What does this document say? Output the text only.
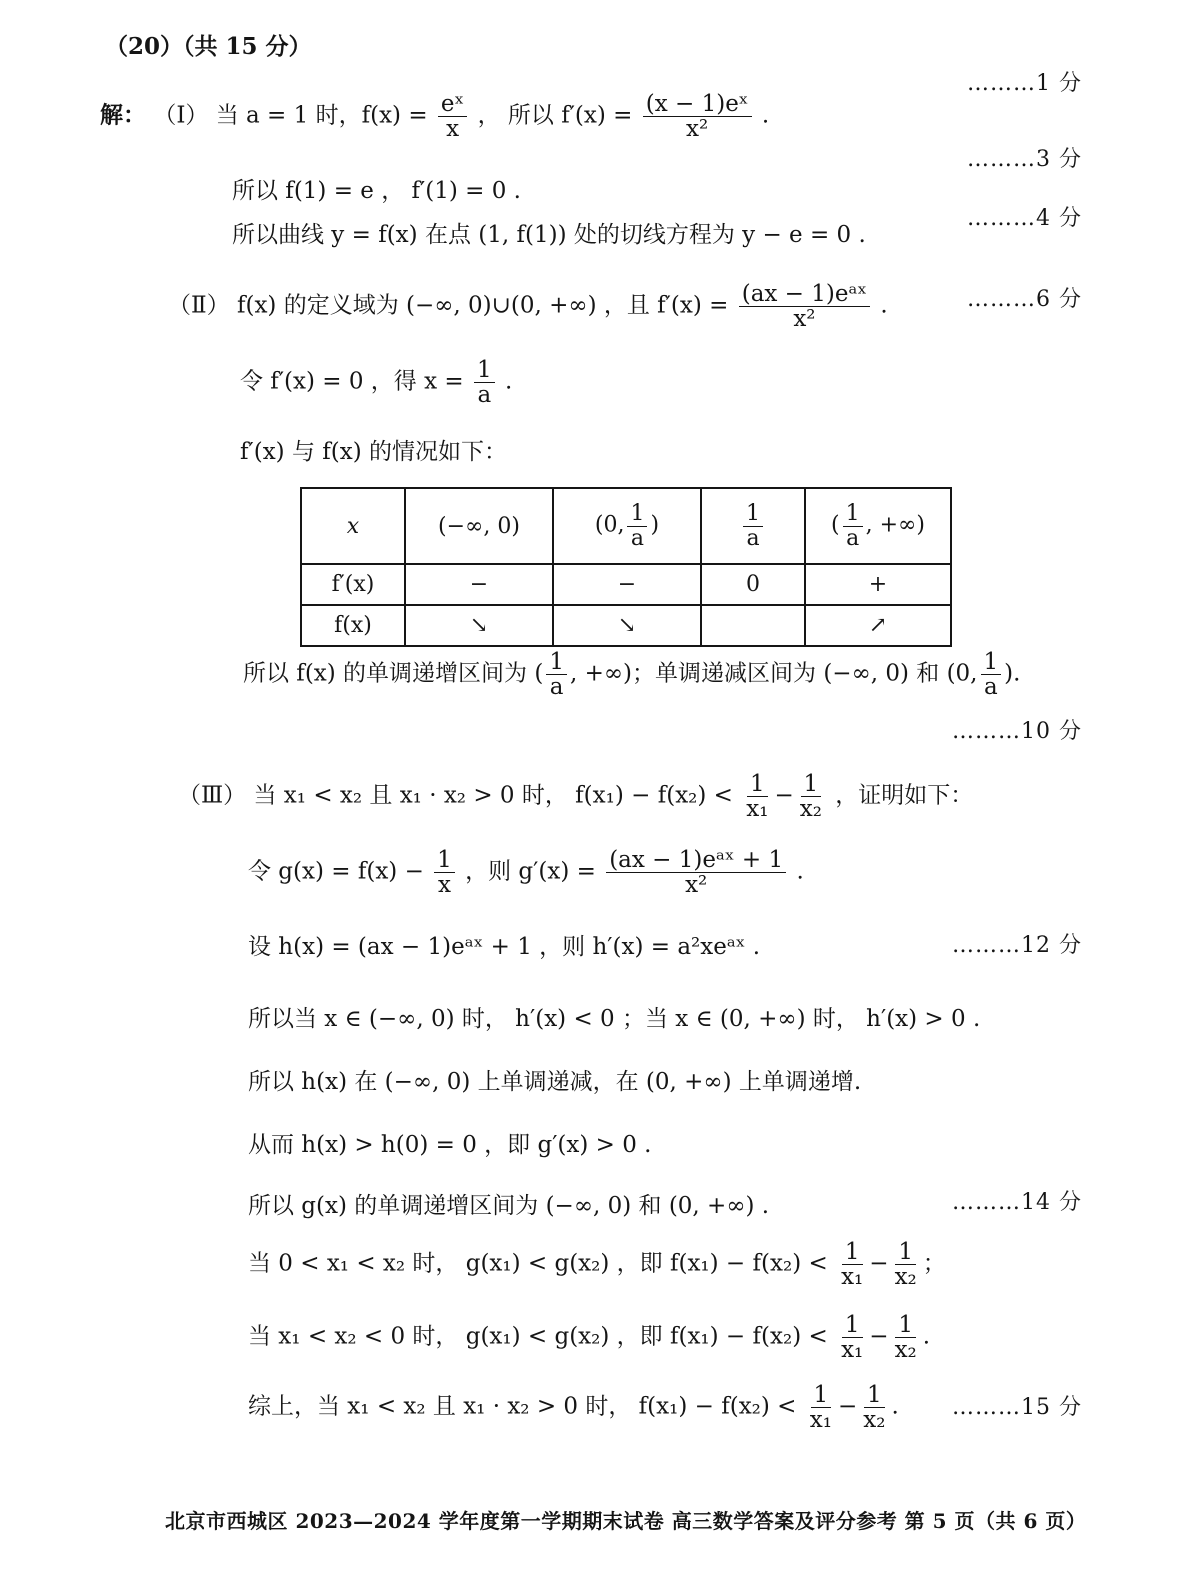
（20）（共 15 分）
解： （Ⅰ） 当 a = 1 时，$f(x) = \frac{\text{eˣ}}{x}$ ， 所以 $f'(x) = \frac{\text{(x − 1)eˣ}}{\text{x²}}$ .
………1 分
………3 分
所以 f(1) = e ， f′(1) = 0 .
………4 分
所以曲线 y = f(x) 在点 (1, f(1)) 处的切线方程为 y − e = 0 .
（Ⅱ） f(x) 的定义域为 (−∞, 0)∪(0, +∞) ，且 $f'(x) = \frac{\text{(ax − 1)eᵃˣ}}{\text{x²}}$ .	………6 分
令 f′(x) = 0 ，得 $x = \frac{1}{a}$ .
f′(x) 与 f(x) 的情况如下：
x	(−∞, 0)	(0, $\frac{1}{a}$ )	$\frac{1}{a}$	( $\frac{1}{a}$ , +∞)
f′(x)	−	−	0	+
f(x)	↘	↘		↗
所以 f(x) 的单调递增区间为 ( $\frac{1}{a}$ , +∞)；单调递减区间为 (−∞, 0) 和 (0, $\frac{1}{a}$ ).
………10 分
（Ⅲ） 当 x₁ < x₂ 且 x₁ · x₂ > 0 时， $f(x_1) - f(x_2) < \frac{1}{\text{x₁}} - \frac{1}{\text{x₂}}$ ，证明如下：
令 $g(x) = f(x) - \frac{1}{x}$ ，则 $g'(x) = \frac{\text{(ax − 1)eᵃˣ + 1}}{\text{x²}}$ .
设 h(x) = (ax − 1)eᵃˣ + 1 ，则 h′(x) = a²xeᵃˣ .	………12 分
所以当 x ∈ (−∞, 0) 时， h′(x) < 0 ；当 x ∈ (0, +∞) 时， h′(x) > 0 .
所以 h(x) 在 (−∞, 0) 上单调递减，在 (0, +∞) 上单调递增.
从而 h(x) > h(0) = 0 ，即 g′(x) > 0 .
所以 g(x) 的单调递增区间为 (−∞, 0) 和 (0, +∞) .	………14 分
当 0 < x₁ < x₂ 时， g(x₁) < g(x₂) ，即 $f(x_1) - f(x_2) < \frac{1}{\text{x₁}} - \frac{1}{\text{x₂}}$ ；
当 x₁ < x₂ < 0 时， g(x₁) < g(x₂) ，即 $f(x_1) - f(x_2) < \frac{1}{\text{x₁}} - \frac{1}{\text{x₂}}$ .
综上，当 x₁ < x₂ 且 x₁ · x₂ > 0 时， $f(x_1) - f(x_2) < \frac{1}{\text{x₁}} - \frac{1}{\text{x₂}}$ . ………15 分
北京市西城区 2023—2024 学年度第一学期期末试卷 高三数学答案及评分参考 第 5 页（共 6 页）
